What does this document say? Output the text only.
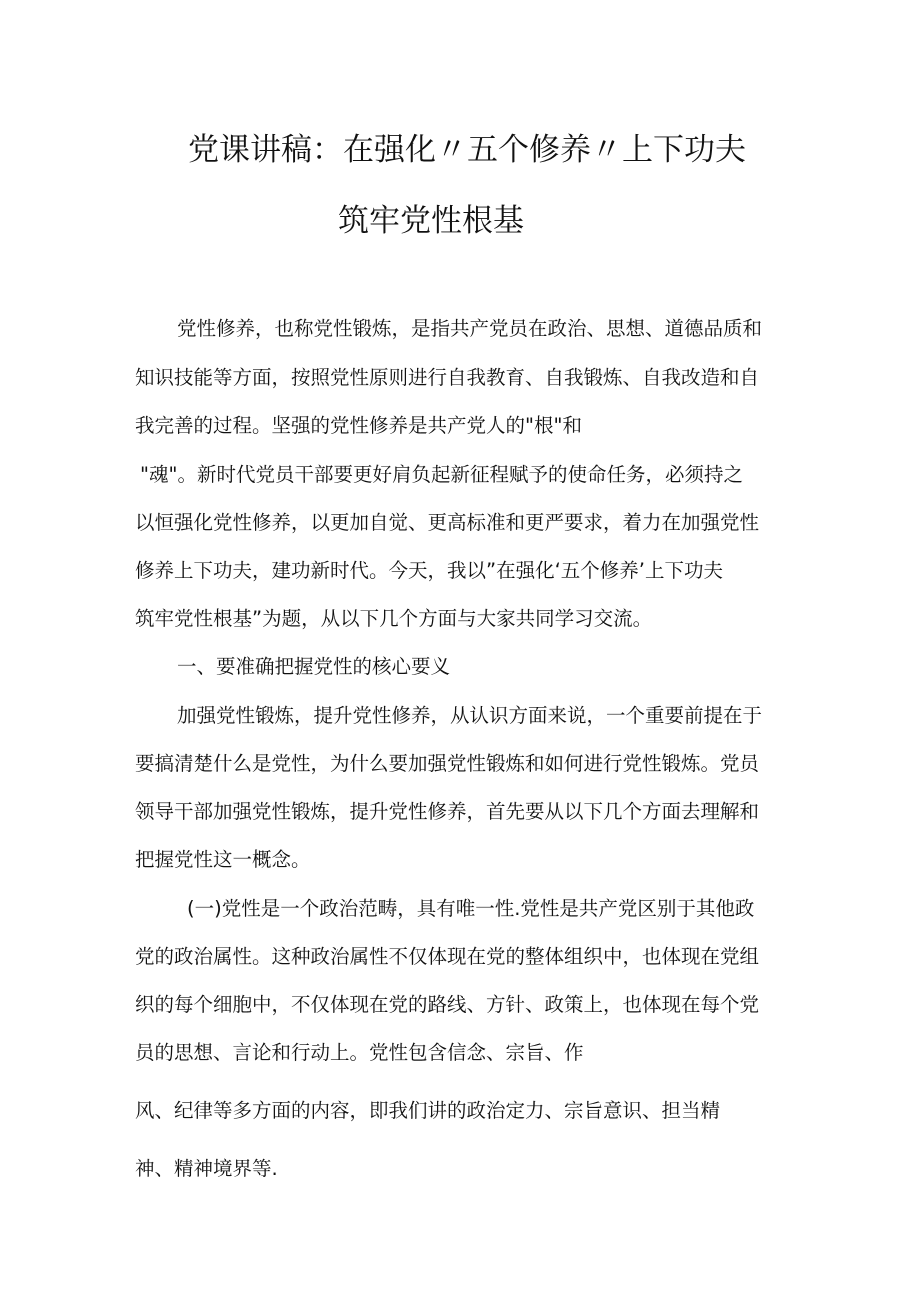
党课讲稿：在强化〃五个修养〃上下功夫
筑牢党性根基
党性修养，也称党性锻炼，是指共产党员在政治、思想、道德品质和
知识技能等方面，按照党性原则进行自我教育、自我锻炼、自我改造和自
我完善的过程。坚强的党性修养是共产党人的"根"和
"魂"。新时代党员干部要更好肩负起新征程赋予的使命任务，必须持之
以恒强化党性修养，以更加自觉、更高标准和更严要求，着力在加强党性
修养上下功夫，建功新时代。今天，我以”在强化‘五个修养’上下功夫
筑牢党性根基”为题，从以下几个方面与大家共同学习交流。
一、要准确把握党性的核心要义
加强党性锻炼，提升党性修养，从认识方面来说，一个重要前提在于
要搞清楚什么是党性，为什么要加强党性锻炼和如何进行党性锻炼。党员
领导干部加强党性锻炼，提升党性修养，首先要从以下几个方面去理解和
把握党性这一概念。
(一)党性是一个政治范畴，具有唯一性.党性是共产党区别于其他政
党的政治属性。这种政治属性不仅体现在党的整体组织中，也体现在党组
织的每个细胞中，不仅体现在党的路线、方针、政策上，也体现在每个党
员的思想、言论和行动上。党性包含信念、宗旨、作
风、纪律等多方面的内容，即我们讲的政治定力、宗旨意识、担当精
神、精神境界等.
